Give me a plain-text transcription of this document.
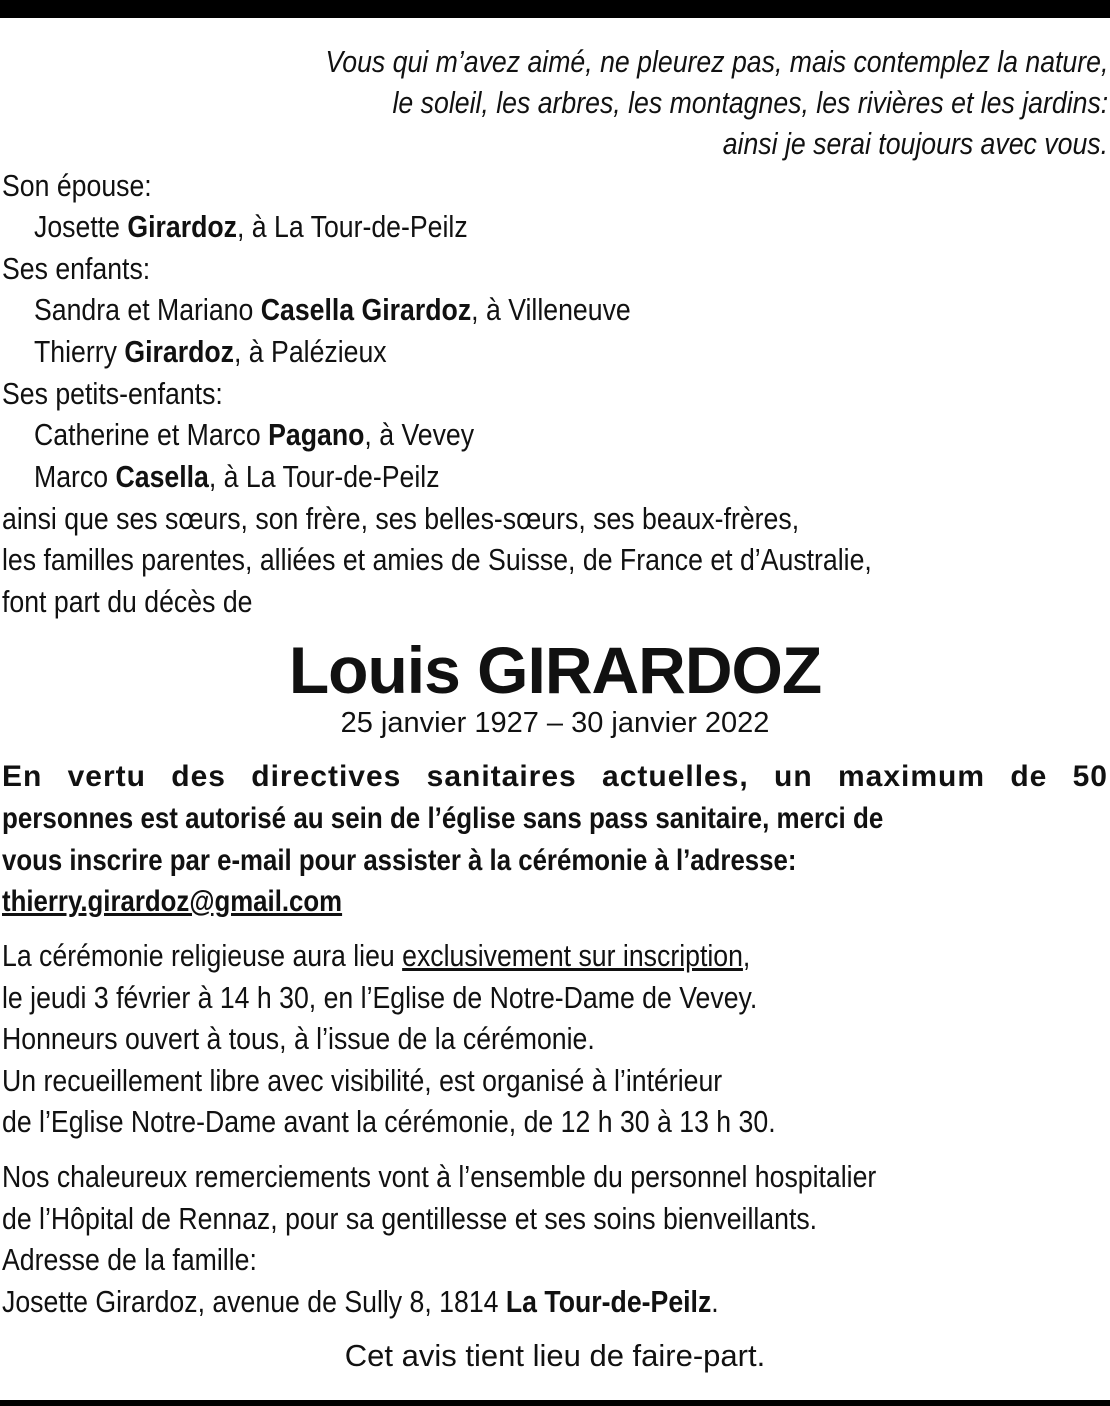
Vous qui m’avez aimé, ne pleurez pas, mais contemplez la nature,
le soleil, les arbres, les montagnes, les rivières et les jardins:
ainsi je serai toujours avec vous.
Son épouse:
Josette Girardoz, à La Tour-de-Peilz
Ses enfants:
Sandra et Mariano Casella Girardoz, à Villeneuve
Thierry Girardoz, à Palézieux
Ses petits-enfants:
Catherine et Marco Pagano, à Vevey
Marco Casella, à La Tour-de-Peilz
ainsi que ses sœurs, son frère, ses belles-sœurs, ses beaux-frères,
les familles parentes, alliées et amies de Suisse, de France et d’Australie,
font part du décès de
Louis GIRARDOZ
25 janvier 1927 – 30 janvier 2022
En vertu des directives sanitaires actuelles, un maximum de 50
personnes est autorisé au sein de l’église sans pass sanitaire, merci de
vous inscrire par e-mail pour assister à la cérémonie à l’adresse:
thierry.girardoz@gmail.com
La cérémonie religieuse aura lieu exclusivement sur inscription,
le jeudi 3 février à 14 h 30, en l’Eglise de Notre-Dame de Vevey.
Honneurs ouvert à tous, à l’issue de la cérémonie.
Un recueillement libre avec visibilité, est organisé à l’intérieur
de l’Eglise Notre-Dame avant la cérémonie, de 12 h 30 à 13 h 30.
Nos chaleureux remerciements vont à l’ensemble du personnel hospitalier
de l’Hôpital de Rennaz, pour sa gentillesse et ses soins bienveillants.
Adresse de la famille:
Josette Girardoz, avenue de Sully 8, 1814 La Tour-de-Peilz.
Cet avis tient lieu de faire-part.
